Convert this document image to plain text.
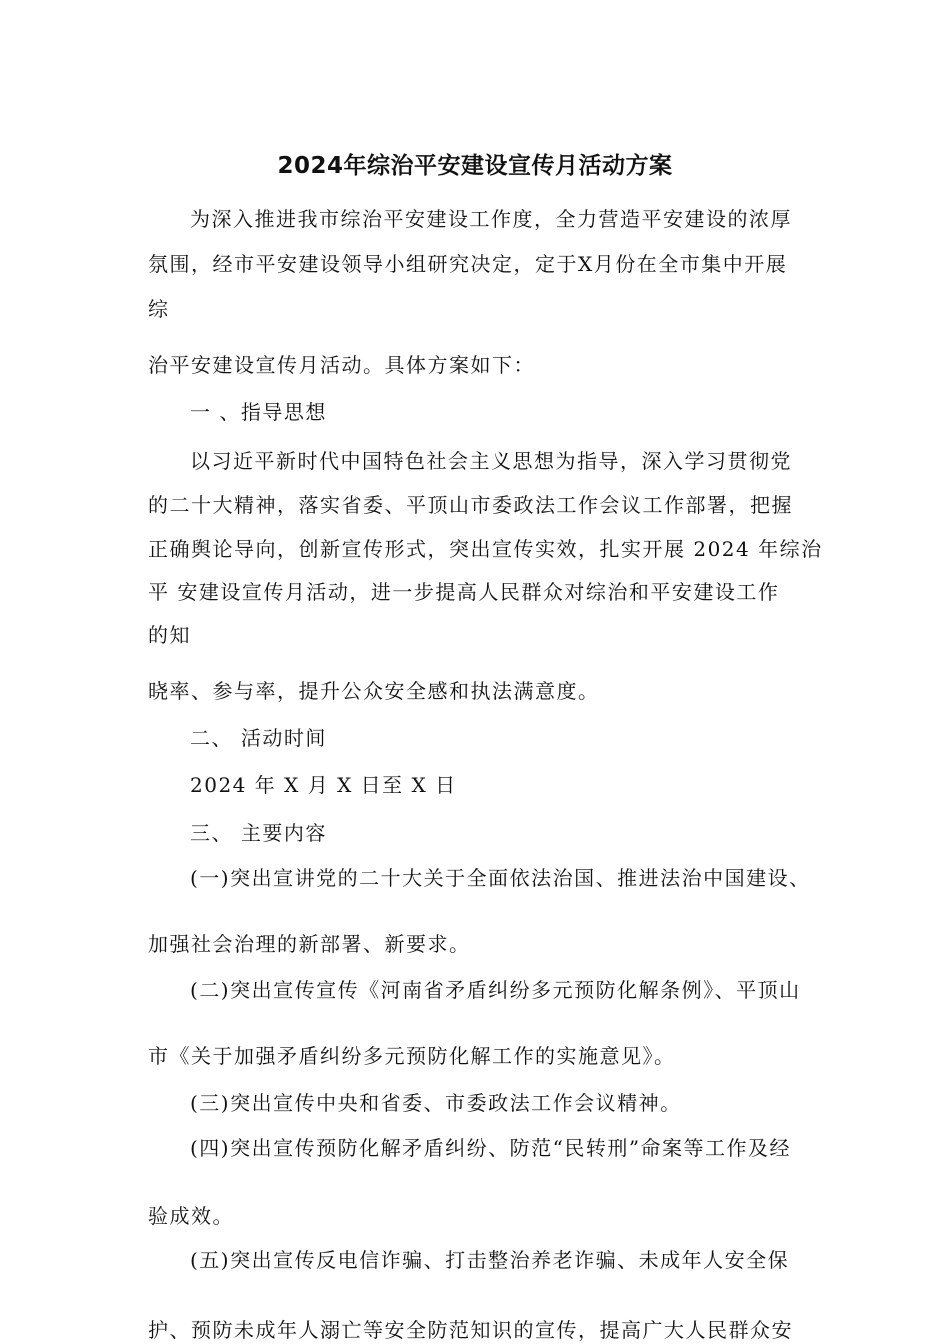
2024年综治平安建设宣传月活动方案
为深入推进我市综治平安建设工作度，全力营造平安建设的浓厚
氛围，经市平安建设领导小组研究决定，定于X月份在全市集中开展
综
治平安建设宣传月活动。具体方案如下：
一 、指导思想
以习近平新时代中国特色社会主义思想为指导，深入学习贯彻党
的二十大精神，落实省委、平顶山市委政法工作会议工作部署，把握
正确舆论导向，创新宣传形式，突出宣传实效，扎实开展 2024 年综治
平 安建设宣传月活动，进一步提高人民群众对综治和平安建设工作
的知
晓率、参与率，提升公众安全感和执法满意度。
二、 活动时间
2024 年 X 月 X 日至 X 日
三、 主要内容
(一)突出宣讲党的二十大关于全面依法治国、推进法治中国建设、
加强社会治理的新部署、新要求。
(二)突出宣传宣传《河南省矛盾纠纷多元预防化解条例》、平顶山
市《关于加强矛盾纠纷多元预防化解工作的实施意见》。
(三)突出宣传中央和省委、市委政法工作会议精神。
(四)突出宣传预防化解矛盾纠纷、防范“民转刑”命案等工作及经
验成效。
(五)突出宣传反电信诈骗、打击整治养老诈骗、未成年人安全保
护、预防未成年人溺亡等安全防范知识的宣传，提高广大人民群众安
